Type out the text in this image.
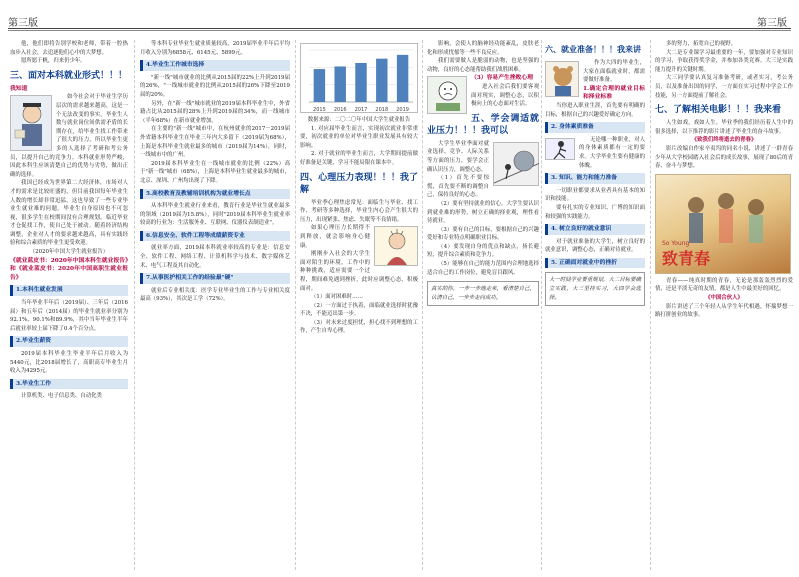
第三版	第三版

他，他们即将告别学校和老师，带着一腔热血步入社会，去追逐他们心中的大梦想。

愿所愿千帆，归来仍少年。

三、面对本科就业形式！！！

我知道

如今社会对于毕业生学历层次的需求越来越高，这是一个无法改变的事实。毕业生人数与就业岗位间供需矛盾的长期存在，给毕业生找工作带来了很大的压力，所以毕业生更多的人选择了考研和考公务员，以提升自己的竞争力。本科就业形势严峻，因此本科生应该清楚自己的优势与劣势，做出正确的选择。

我国已经成为世界第二大经济体，市场对人才的需求是比较旺盛的，但目前我国每年毕业生人数的增长却非常迅猛，这也导致了一些专业毕业生就业难的问题。毕业生自身原因也不可忽视，很多学生在校期间没有合理规划，临近毕业才仓促找工作，使自己处于被动。随着经济结构调整，企业对人才的要求越来越高，具有实践经验和综合素质的毕业生更受欢迎。

（2020年中国大学生就业报告）

《就业蓝皮书：2020年中国本科生就业报告》和《就业蓝皮书：2020年中国高职生就业报告》

1.本科生就业发展

当年毕业半年后（2019届）、三年后（2016届）和五年后（2014届）的毕业生就业率分别为92.1%、90.1%和89.9%，其中当年毕业生半年后就业率较上届下降了0.4个百分点。

2.毕业生薪资

2019届本科毕业生毕业半年后月收入为5440元，比2018届增长了，高职高专毕业生月收入为4295元。

3.毕业生工作

计算机类、电子信息类、自动化类

等本科专业毕业生就业质量较高，2019届毕业半年后平均月收入分别为6858元、6145元、5899元。

4.毕业生工作城市选择

"新一线"城市就业的比例从2015届的22%上升到2019届的26%，"一线城市就业的比例从2015届的26%下降至2019届的20%。

另外，在"新一线"城市就业的2019届本科毕业生中，外省籍占比从2015届的28%上升到2019届的34%，而一线城市（半年68%）在新市就业增加。

在主要的"新一线"城市中，在杭州就业的2017－2019届外省籍本科毕业生在毕业三年内大多留下（2019届为68%），上海是本科毕业生就业最多的城市（2019届为14%），同时，一线城市中的广州。

2019届本科毕业生在一线城市就业的比例（22%）高于"新一线"城市（68%），上海是本科毕业生就业最多的城市，北京、深圳、广州均出现了下降。

5.高校教育及教辅培训机构为就业增长点

从本科毕业生就业行业来看，教育行业是毕业生就业最多的领域（2019届为15.8%），同时"2019届本科毕业生就业率较高的行业为：生活服务业、互联网、仪器仪表制造业"。

6.信息安全、软件工程等成绩薪资专业

就业率方面，2019届本科就业率较高的专业是：信息安全、软件工程、网络工程、计算机科学与技术、数字媒体艺术、电气工程及其自动化。

7.从事医护相关工作的经验最"硬"

就业后专业相关度：医学专业毕业生的工作与专业相关度最高（93%），其次是工学（72%）。

2015 2016 2017 2018 2019

数据来源：二〇二〇年中国大学生就业报告

1. 对应届毕业生而言，实现初次就业非常重要，初次就业的单位对毕业生职业发展具有较大影响。

2. 对于就业的毕业生而言，大学期间提前做好准备是关键，学习不能局限在课本中。

四、心理压力表现！！！我了解

毕业季心理焦虑常见：面临生与毕业、找工作、考研等多种选择，毕业生内心会产生很大的压力，出现紧张、焦虑、失眠等不良情绪。

如果心理压力长期得不到释放，就会影响身心健康。

刚刚步入社会的大学生面对陌生的环境，工作中的种种挑战，适应需要一个过程，期间难免遇到挫折，此时应调整心态，积极面对。

（1）面对困难时……

（2）一方面过于执着，面临就业选择时犹豫不决，不能迈出第一步。

（3）对未来过度担忧，担心找不到理想的工作，产生自卑心理。

影响，会使人的脑神经功能紊乱，皮肤老化和形成忧郁等一些不良反应。

我们需要做人是脆弱的动物，也是坚强的动物，良好的心态能帮助我们战胜困难。

（3）容易产生挫败心理

进入社会后我们要客观面对现实，调整心态，以积极向上的心态面对生活。

五、学会调适就业压力！！！我可以

大学生毕业季面对就业选择、竞争、人际关系等方面的压力，要学会正确认识压力，调整心态。

（1）首先不要惊慌，首先要不断的调整自己，保持良好的心态。

（2）要有坚持就业的信心，大学生要认识到就业难的形势，树立正确的择业观，理性看待就业。

（3）要有自己的目标，要根据自己的兴趣爱好和专业特点明确职业目标。

（4）要发现自身的优点和缺点，扬长避短，提升综合素质和竞争力。

（5）能够在自己的能力范围内合理地选择适合自己的工作岗位，避免盲目跟风。

真实的你，一步一步地走来，看清楚自己，认清自己，一步步走向成功。
六、就业准备！！！我来讲

作为大四的毕业生，大家在面临就业时，都需要做好准备。

1.确定合理的就业目标和择业标准

当你进入职业生涯，首先要有明确的目标，根据自己的兴趣爱好确定方向。

2. 身体素质准备

无论哪一种职业，对人的身体素质都有一定的要求。大学毕业生要有健康的体魄。

3. 知识、能力和能力准备

一切职业都要求从业者具有基本的知识和技能。

要有扎实的专业知识、广博的知识面和较强的实践能力。

4. 树立良好的就业意识

对于就业准备的大学生，树立良好的就业意识，调整心态，正确对待就业。

5. 正确面对就业中的挫折
大一时间学业要重规划，大二目标要确立实践，大三坚持实习，大四学会选择。

多的努力，拓宽自己的视野。

大二是专业课学习最重要的一年，要加强对专业知识的学习，争取获得奖学金，并参加各类竞赛。大三是实践能力提升的关键时期。

大三同学要认真复习准备考研，或者实习，考公务员，以及准备出国的同学，一方面在实习过程中学会工作技能，另一方面提前了解社会。

七、了解相关电影！！！我来看

人生如戏，戏如人生。毕业季的我们经历着人生中的很多选择，以下推荐的影片讲述了毕业生的奋斗故事。

《致我们终将逝去的青春》

影片改编自作家辛夷坞的同名小说，讲述了一群青春少年从大学校园踏入社会后的成长故事，展现了80后的青春、奋斗与梦想。

So Young
致青春

青春——纯真时期的青春，无论是那轰轰烈烈的爱情，还是平淡无奇的友情，都是人生中最美好的回忆。

《中国合伙人》

影片讲述了三个年轻人从学生年代相遇，怀揣梦想一路打拼创业的故事。
